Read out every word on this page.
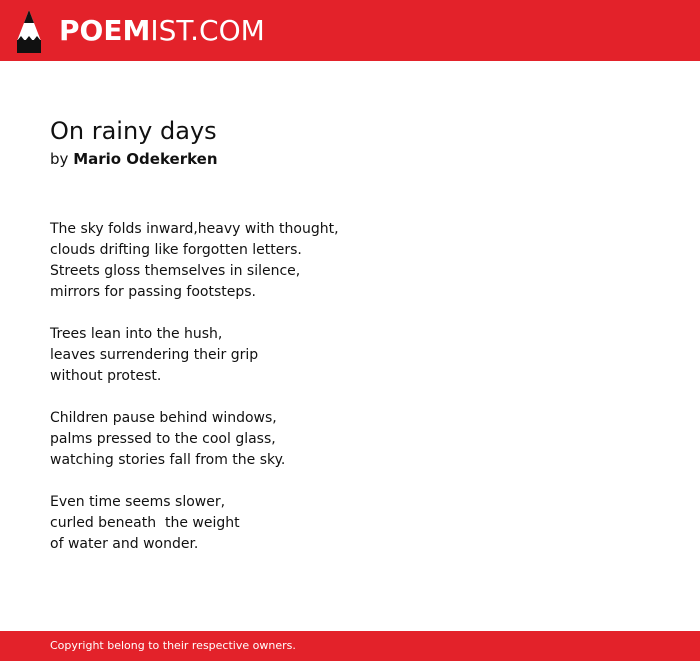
POEMIST.COM
On rainy days

by Mario Odekerken

The sky folds inward,heavy with thought,
clouds drifting like forgotten letters.
Streets gloss themselves in silence,
mirrors for passing footsteps.
Trees lean into the hush,
leaves surrendering their grip
without protest.
Children pause behind windows,
palms pressed to the cool glass,
watching stories fall from the sky.
Even time seems slower,
curled beneath  the weight
of water and wonder.
Copyright belong to their respective owners.
